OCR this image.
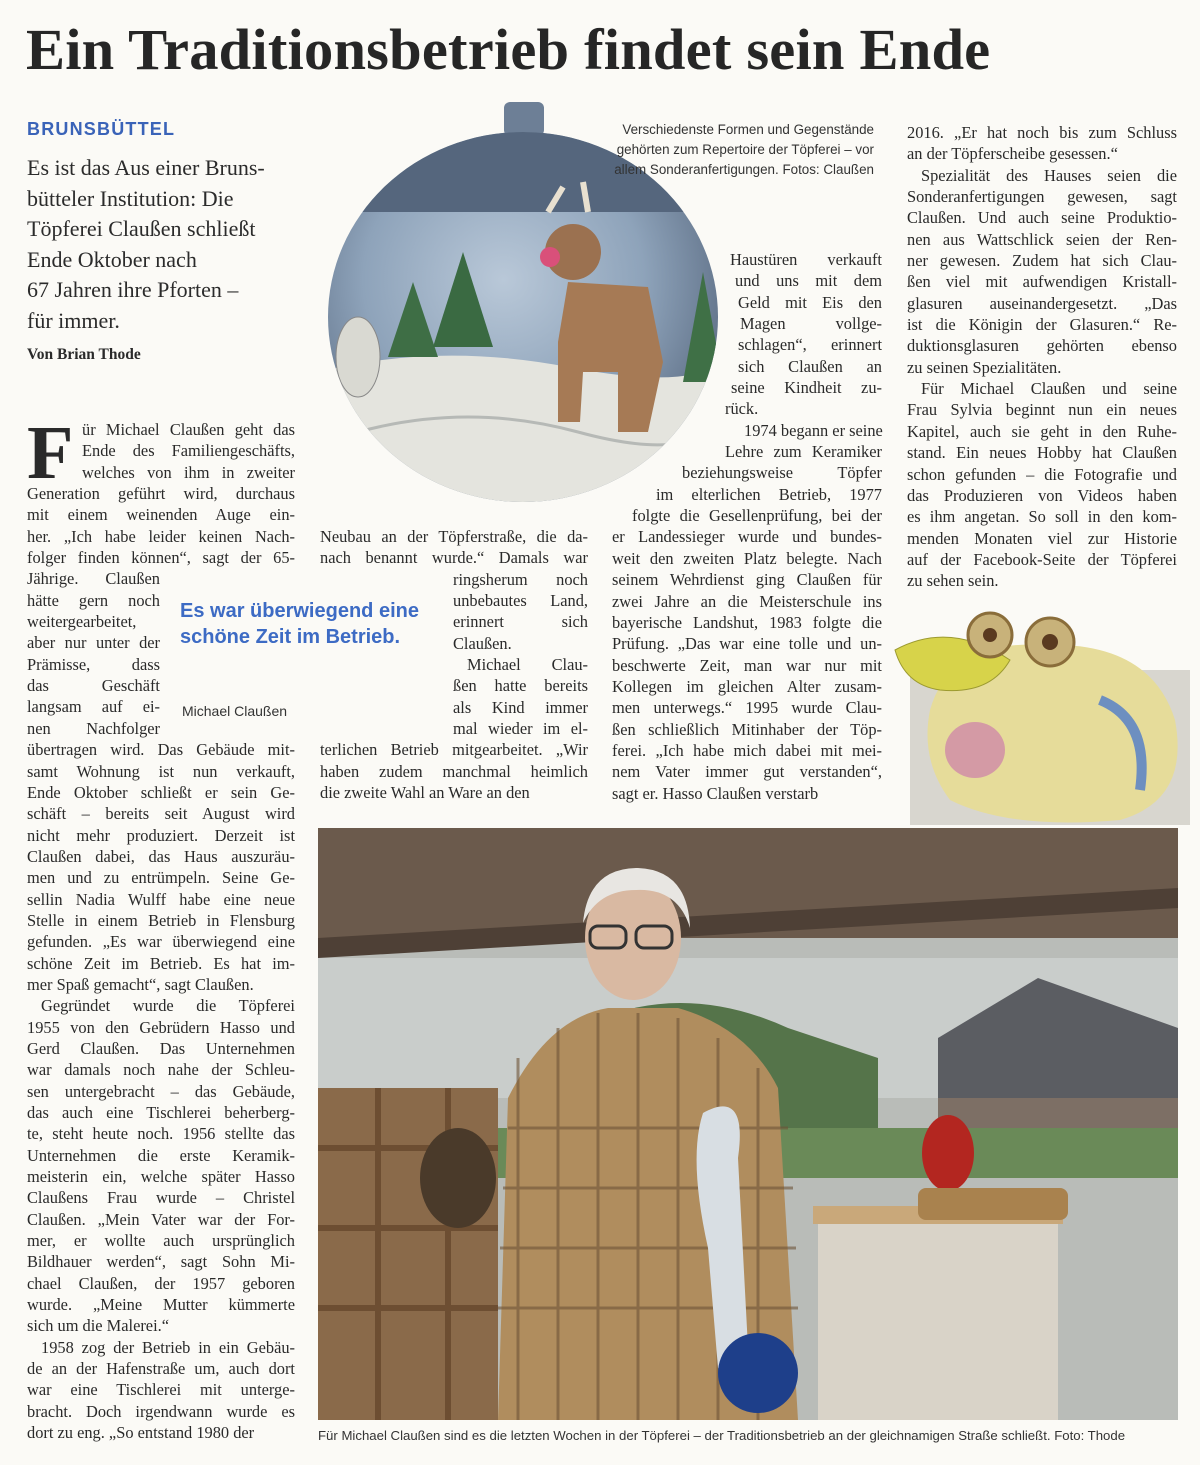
Ein Traditionsbetrieb findet sein Ende
BRUNSBÜTTEL
Es ist das Aus einer Bruns-
bütteler Institution: Die
Töpferei Claußen schließt
Ende Oktober nach
67 Jahren ihre Pforten –
für immer.
Von Brian Thode
Verschiedenste Formen und Gegenstände gehörten zum Repertoire der Töpferei – vor allem Sonderanfertigungen. Fotos: Claußen
Für Michael Claußen sind es die letzten Wochen in der Töpferei – der Traditionsbetrieb an der gleichnamigen Straße schließt. Foto: Thode
F
Es war überwiegend eine schöne Zeit im Betrieb.
Michael Claußen
ür Michael Claußen geht das
Ende des Familiengeschäfts,
welches von ihm in zweiter
Generation geführt wird, durchaus
mit einem weinenden Auge ein-
her. „Ich habe leider keinen Nach-
folger finden können“, sagt der 65-
Jährige. Claußen
hätte gern noch
weitergearbeitet,
aber nur unter der
Prämisse, dass
das Geschäft
langsam auf ei-
nen Nachfolger
übertragen wird. Das Gebäude mit-
samt Wohnung ist nun verkauft,
Ende Oktober schließt er sein Ge-
schäft – bereits seit August wird
nicht mehr produziert. Derzeit ist
Claußen dabei, das Haus auszuräu-
men und zu entrümpeln. Seine Ge-
sellin Nadia Wulff habe eine neue
Stelle in einem Betrieb in Flensburg
gefunden. „Es war überwiegend eine
schöne Zeit im Betrieb. Es hat im-
mer Spaß gemacht“, sagt Claußen.
Gegründet wurde die Töpferei
1955 von den Gebrüdern Hasso und
Gerd Claußen. Das Unternehmen
war damals noch nahe der Schleu-
sen untergebracht – das Gebäude,
das auch eine Tischlerei beherberg-
te, steht heute noch. 1956 stellte das
Unternehmen die erste Keramik-
meisterin ein, welche später Hasso
Claußens Frau wurde – Christel
Claußen. „Mein Vater war der For-
mer, er wollte auch ursprünglich
Bildhauer werden“, sagt Sohn Mi-
chael Claußen, der 1957 geboren
wurde. „Meine Mutter kümmerte
sich um die Malerei.“
1958 zog der Betrieb in ein Gebäu-
de an der Hafenstraße um, auch dort
war eine Tischlerei mit unterge-
bracht. Doch irgendwann wurde es
dort zu eng. „So entstand 1980 der
Neubau an der Töpferstraße, die da-
nach benannt wurde.“ Damals war
ringsherum noch
unbebautes Land,
erinnert sich
Claußen.
Michael Clau-
ßen hatte bereits
als Kind immer
mal wieder im el-
terlichen Betrieb mitgearbeitet. „Wir
haben zudem manchmal heimlich
die zweite Wahl an Ware an den
Haustüren verkauft
und uns mit dem
Geld mit Eis den
Magen vollge-
schlagen“, erinnert
sich Claußen an
seine Kindheit zu-
rück.
1974 begann er seine
Lehre zum Keramiker
beziehungsweise Töpfer
im elterlichen Betrieb, 1977
folgte die Gesellenprüfung, bei der
er Landessieger wurde und bundes-
weit den zweiten Platz belegte. Nach
seinem Wehrdienst ging Claußen für
zwei Jahre an die Meisterschule ins
bayerische Landshut, 1983 folgte die
Prüfung. „Das war eine tolle und un-
beschwerte Zeit, man war nur mit
Kollegen im gleichen Alter zusam-
men unterwegs.“ 1995 wurde Clau-
ßen schließlich Mitinhaber der Töp-
ferei. „Ich habe mich dabei mit mei-
nem Vater immer gut verstanden“,
sagt er. Hasso Claußen verstarb
2016. „Er hat noch bis zum Schluss
an der Töpferscheibe gesessen.“
Spezialität des Hauses seien die
Sonderanfertigungen gewesen, sagt
Claußen. Und auch seine Produktio-
nen aus Wattschlick seien der Ren-
ner gewesen. Zudem hat sich Clau-
ßen viel mit aufwendigen Kristall-
glasuren auseinandergesetzt. „Das
ist die Königin der Glasuren.“ Re-
duktionsglasuren gehörten ebenso
zu seinen Spezialitäten.
Für Michael Claußen und seine
Frau Sylvia beginnt nun ein neues
Kapitel, auch sie geht in den Ruhe-
stand. Ein neues Hobby hat Claußen
schon gefunden – die Fotografie und
das Produzieren von Videos haben
es ihm angetan. So soll in den kom-
menden Monaten viel zur Historie
auf der Facebook-Seite der Töpferei
zu sehen sein.
